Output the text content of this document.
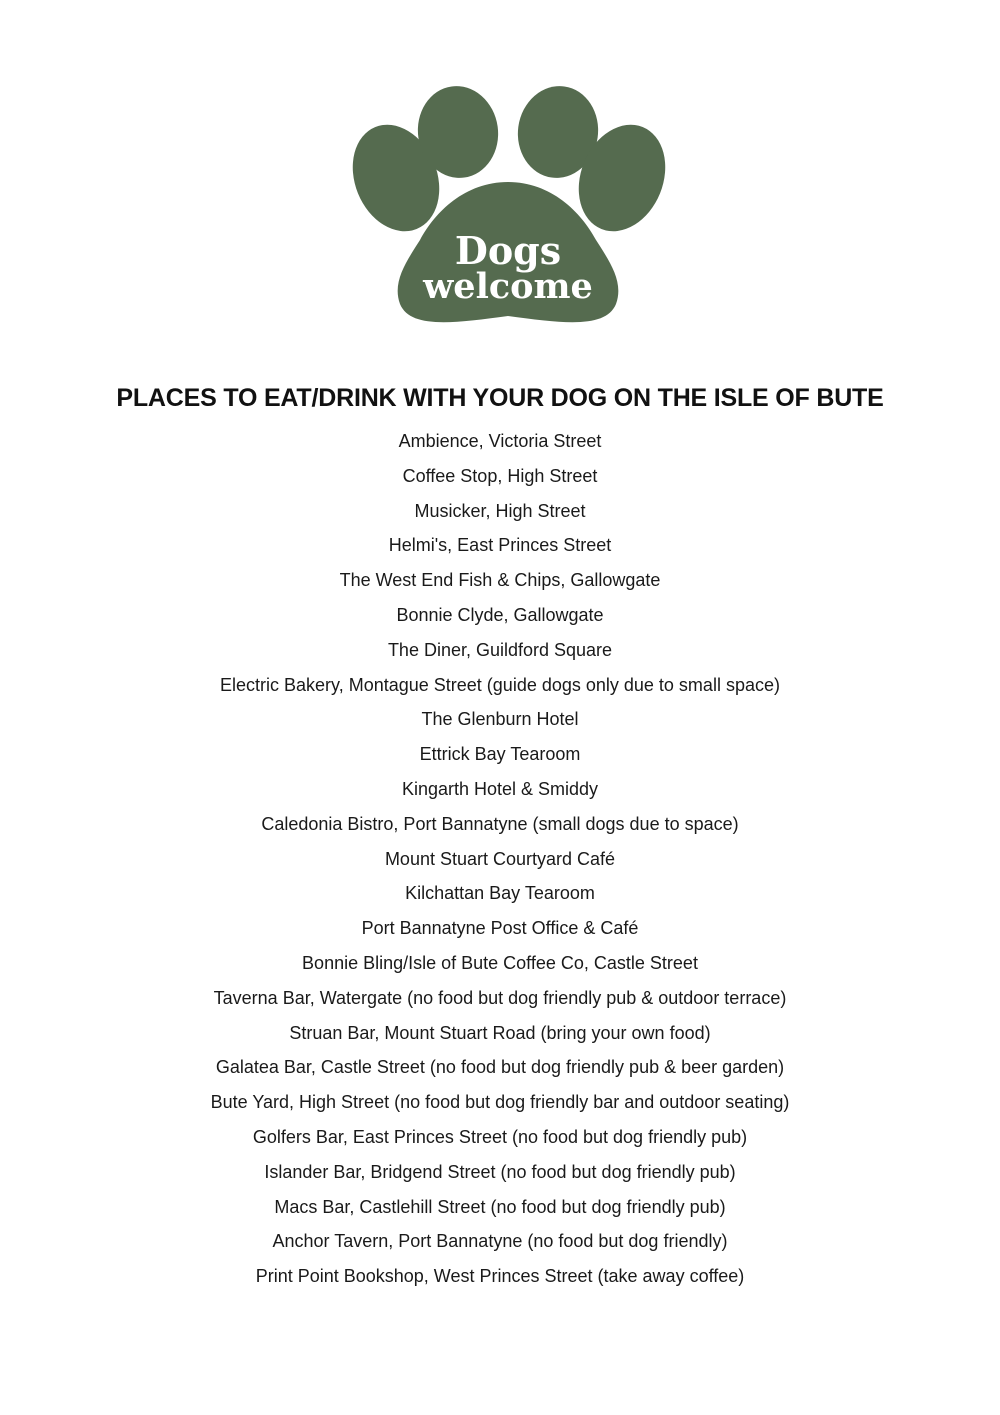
Dogs
welcome
PLACES TO EAT/DRINK WITH YOUR DOG ON THE ISLE OF BUTE
Ambience, Victoria Street
Coffee Stop, High Street
Musicker, High Street
Helmi's, East Princes Street
The West End Fish & Chips, Gallowgate
Bonnie Clyde, Gallowgate
The Diner, Guildford Square
Electric Bakery, Montague Street (guide dogs only due to small space)
The Glenburn Hotel
Ettrick Bay Tearoom
Kingarth Hotel & Smiddy
Caledonia Bistro, Port Bannatyne (small dogs due to space)
Mount Stuart Courtyard Café
Kilchattan Bay Tearoom
Port Bannatyne Post Office & Café
Bonnie Bling/Isle of Bute Coffee Co, Castle Street
Taverna Bar, Watergate (no food but dog friendly pub & outdoor terrace)
Struan Bar, Mount Stuart Road (bring your own food)
Galatea Bar, Castle Street (no food but dog friendly pub & beer garden)
Bute Yard, High Street (no food but dog friendly bar and outdoor seating)
Golfers Bar, East Princes Street (no food but dog friendly pub)
Islander Bar, Bridgend Street (no food but dog friendly pub)
Macs Bar, Castlehill Street (no food but dog friendly pub)
Anchor Tavern, Port Bannatyne (no food but dog friendly)
Print Point Bookshop, West Princes Street (take away coffee)
